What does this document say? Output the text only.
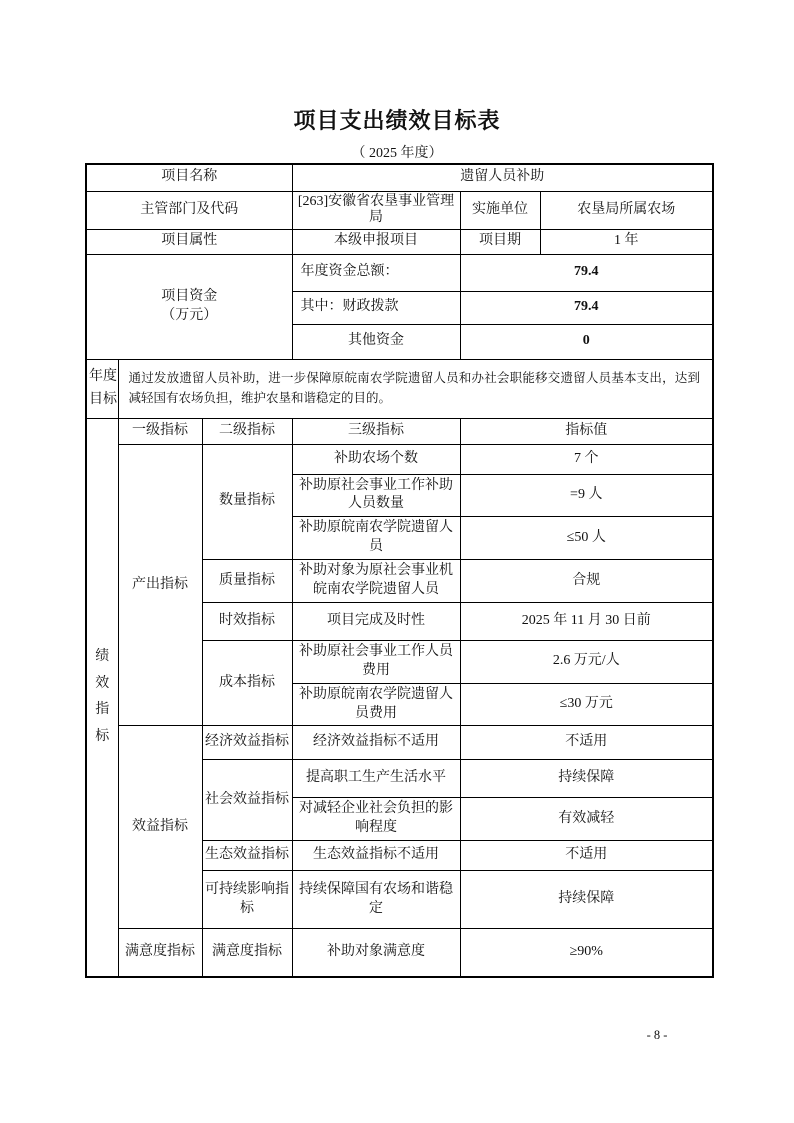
项目支出绩效目标表
（ 2025 年度）
项目名称			遗留人员补助		
主管部门及代码			[263]安徽省农垦事业管理局	实施单位	农垦局所属农场
项目属性			本级申报项目	项目期	1 年

项目资金
（万元）			年度资金总额：	79.4	
			其中：财政拨款	79.4	
			其他资金	0	

年度目标	通过发放遗留人员补助，进一步保障原皖南农学院遗留人员和办社会职能移交遗留人员基本支出，达到减轻国有农场负担，维护农垦和谐稳定的目的。				

绩效指标	一级指标	二级指标	三级指标	指标值	
	产出指标	数量指标	补助农场个数	7 个	
			补助原社会事业工作补助人员数量	=9 人	
			补助原皖南农学院遗留人员	≤50 人	
		质量指标	补助对象为原社会事业机皖南农学院遗留人员	合规	
		时效指标	项目完成及时性	2025 年 11 月 30 日前	
		成本指标	补助原社会事业工作人员费用	2.6 万元/人	
			补助原皖南农学院遗留人员费用	≤30 万元	
	效益指标	经济效益指标	经济效益指标不适用	不适用	
		社会效益指标	提高职工生产生活水平	持续保障	
			对减轻企业社会负担的影响程度	有效减轻	
		生态效益指标	生态效益指标不适用	不适用	
		可持续影响指标	持续保障国有农场和谐稳定	持续保障	
	满意度指标	满意度指标	补助对象满意度	≥90%	
- 8 -
